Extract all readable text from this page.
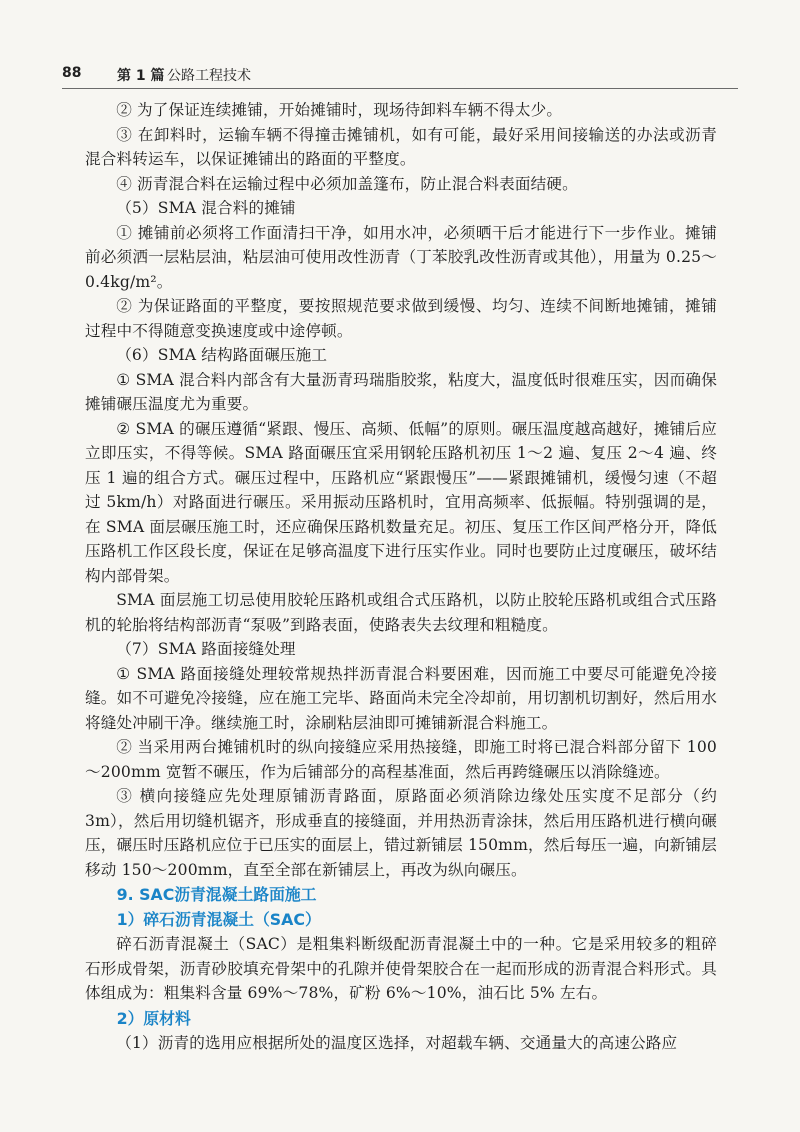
88	第 1 篇 公路工程技术

② 为了保证连续摊铺，开始摊铺时，现场待卸料车辆不得太少。

③ 在卸料时，运输车辆不得撞击摊铺机，如有可能，最好采用间接输送的办法或沥青混合料转运车，以保证摊铺出的路面的平整度。

④ 沥青混合料在运输过程中必须加盖篷布，防止混合料表面结硬。

（5）SMA 混合料的摊铺

① 摊铺前必须将工作面清扫干净，如用水冲，必须晒干后才能进行下一步作业。摊铺前必须洒一层粘层油，粘层油可使用改性沥青（丁苯胶乳改性沥青或其他），用量为 0.25～0.4kg/m²。

② 为保证路面的平整度，要按照规范要求做到缓慢、均匀、连续不间断地摊铺，摊铺过程中不得随意变换速度或中途停顿。

（6）SMA 结构路面碾压施工

① SMA 混合料内部含有大量沥青玛瑞脂胶浆，粘度大，温度低时很难压实，因而确保摊铺碾压温度尤为重要。

② SMA 的碾压遵循“紧跟、慢压、高频、低幅”的原则。碾压温度越高越好，摊铺后应立即压实，不得等候。SMA 路面碾压宜采用钢轮压路机初压 1～2 遍、复压 2～4 遍、终压 1 遍的组合方式。碾压过程中，压路机应“紧跟慢压”——紧跟摊铺机，缓慢匀速（不超过 5km/h）对路面进行碾压。采用振动压路机时，宜用高频率、低振幅。特别强调的是，在 SMA 面层碾压施工时，还应确保压路机数量充足。初压、复压工作区间严格分开，降低压路机工作区段长度，保证在足够高温度下进行压实作业。同时也要防止过度碾压，破坏结构内部骨架。

SMA 面层施工切忌使用胶轮压路机或组合式压路机，以防止胶轮压路机或组合式压路机的轮胎将结构部沥青“泵吸”到路表面，使路表失去纹理和粗糙度。

（7）SMA 路面接缝处理

① SMA 路面接缝处理较常规热拌沥青混合料要困难，因而施工中要尽可能避免冷接缝。如不可避免冷接缝，应在施工完毕、路面尚未完全冷却前，用切割机切割好，然后用水将缝处冲刷干净。继续施工时，涂刷粘层油即可摊铺新混合料施工。

② 当采用两台摊铺机时的纵向接缝应采用热接缝，即施工时将已混合料部分留下 100～200mm 宽暂不碾压，作为后铺部分的高程基准面，然后再跨缝碾压以消除缝迹。

③ 横向接缝应先处理原铺沥青路面，原路面必须消除边缘处压实度不足部分（约 3m），然后用切缝机锯齐，形成垂直的接缝面，并用热沥青涂抹，然后用压路机进行横向碾压，碾压时压路机应位于已压实的面层上，错过新铺层 150mm，然后每压一遍，向新铺层移动 150～200mm，直至全部在新铺层上，再改为纵向碾压。

9. SAC沥青混凝土路面施工

1）碎石沥青混凝土（SAC）

碎石沥青混凝土（SAC）是粗集料断级配沥青混凝土中的一种。它是采用较多的粗碎石形成骨架，沥青砂胶填充骨架中的孔隙并使骨架胶合在一起而形成的沥青混合料形式。具体组成为：粗集料含量 69%～78%，矿粉 6%～10%，油石比 5% 左右。

2）原材料

（1）沥青的选用应根据所处的温度区选择，对超载车辆、交通量大的高速公路应
